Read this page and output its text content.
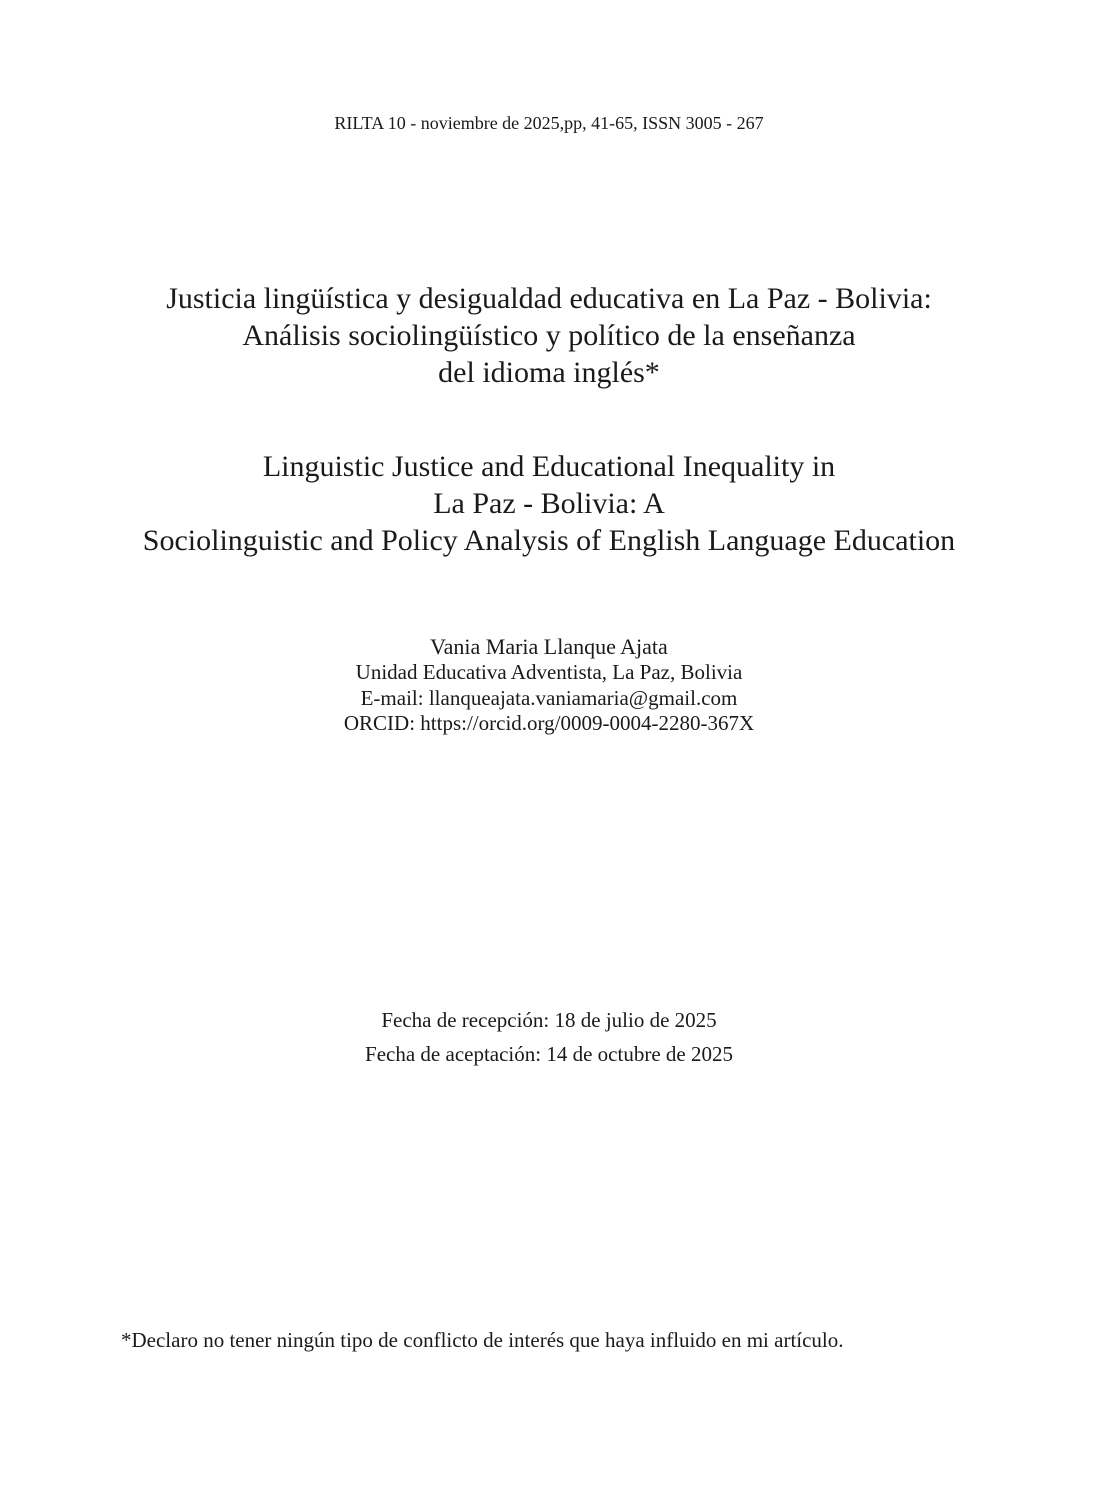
RILTA 10 - noviembre de 2025,pp, 41-65, ISSN 3005 - 267
Justicia lingüística y desigualdad educativa en La Paz - Bolivia:
Análisis sociolingüístico y político de la enseñanza
del idioma inglés*
Linguistic Justice and Educational Inequality in
La Paz - Bolivia: A
Sociolinguistic and Policy Analysis of English Language Education
Vania Maria Llanque Ajata
Unidad Educativa Adventista, La Paz, Bolivia
E-mail: llanqueajata.vaniamaria@gmail.com
ORCID: https://orcid.org/0009-0004-2280-367X
Fecha de recepción: 18 de julio de 2025
Fecha de aceptación: 14 de octubre de 2025
*Declaro no tener ningún tipo de conflicto de interés que haya influido en mi artículo.
